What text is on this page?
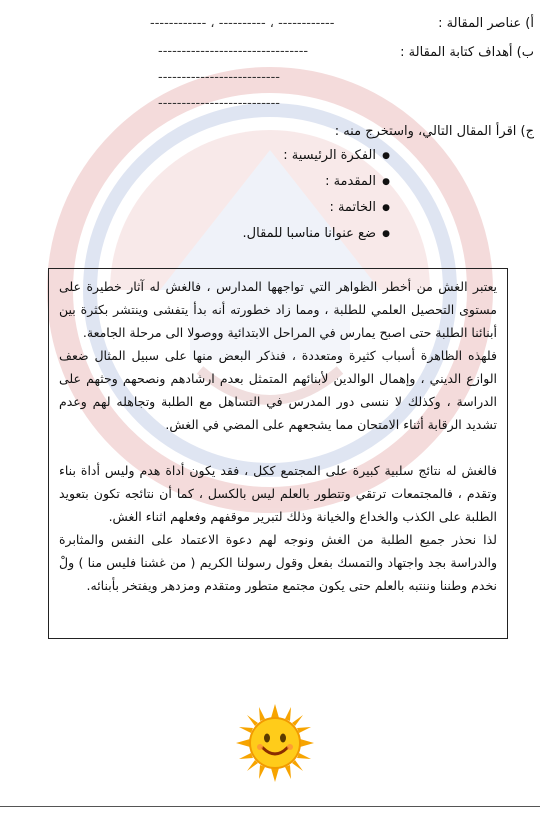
أ) عناصر المقالة :
------------ ، ---------- ، ------------
ب) أهداف كتابة المقالة :
--------------------------------
--------------------------
--------------------------
ج) اقرأ المقال التالي، واستخرج منه :
● الفكرة الرئيسية :
● المقدمة :
● الخاتمة :
● ضع عنوانا مناسبا للمقال.

يعتبر الغش من أخطر الظواهر التي تواجهها المدارس ، فالغش له آثار خطيرة على مستوى التحصيل العلمي للطلبة ، ومما زاد خطورته أنه بدأ يتفشى وينتشر بكثرة بين أبنائنا الطلبة حتى اصبح يمارس في المراحل الابتدائية ووصولا الى مرحلة الجامعة.

فلهذه الظاهرة أسباب كثيرة ومتعددة ، فنذكر البعض منها على سبيل المثال ضعف الوازع الديني ، وإهمال الوالدين لأبنائهم المتمثل بعدم ارشادهم ونصحهم وحثهم على الدراسة ، وكذلك لا ننسى دور المدرس في التساهل مع الطلبة وتجاهله لهم وعدم تشديد الرقابة أثناء الامتحان مما يشجعهم على المضي في الغش.

فالغش له نتائج سلبية كبيرة على المجتمع ككل ، فقد يكون أداة هدم وليس أداة بناء وتقدم ، فالمجتمعات ترتقي وتتطور بالعلم ليس بالكسل ، كما أن نتائجه تكون بتعويد الطلبة على الكذب والخداع والخيانة وذلك لتبرير موقفهم وفعلهم اثناء الغش.

لذا نحذر جميع الطلبة من الغش ونوجه لهم دعوة الاعتماد على النفس والمثابرة والدراسة بجد واجتهاد والتمسك بفعل وقول رسولنا الكريم ( من غشنا فليس منا ) ولْ نخدم وطننا وننتبه بالعلم حتى يكون مجتمع متطور ومتقدم ومزدهر ويفتخر بأبنائه.
